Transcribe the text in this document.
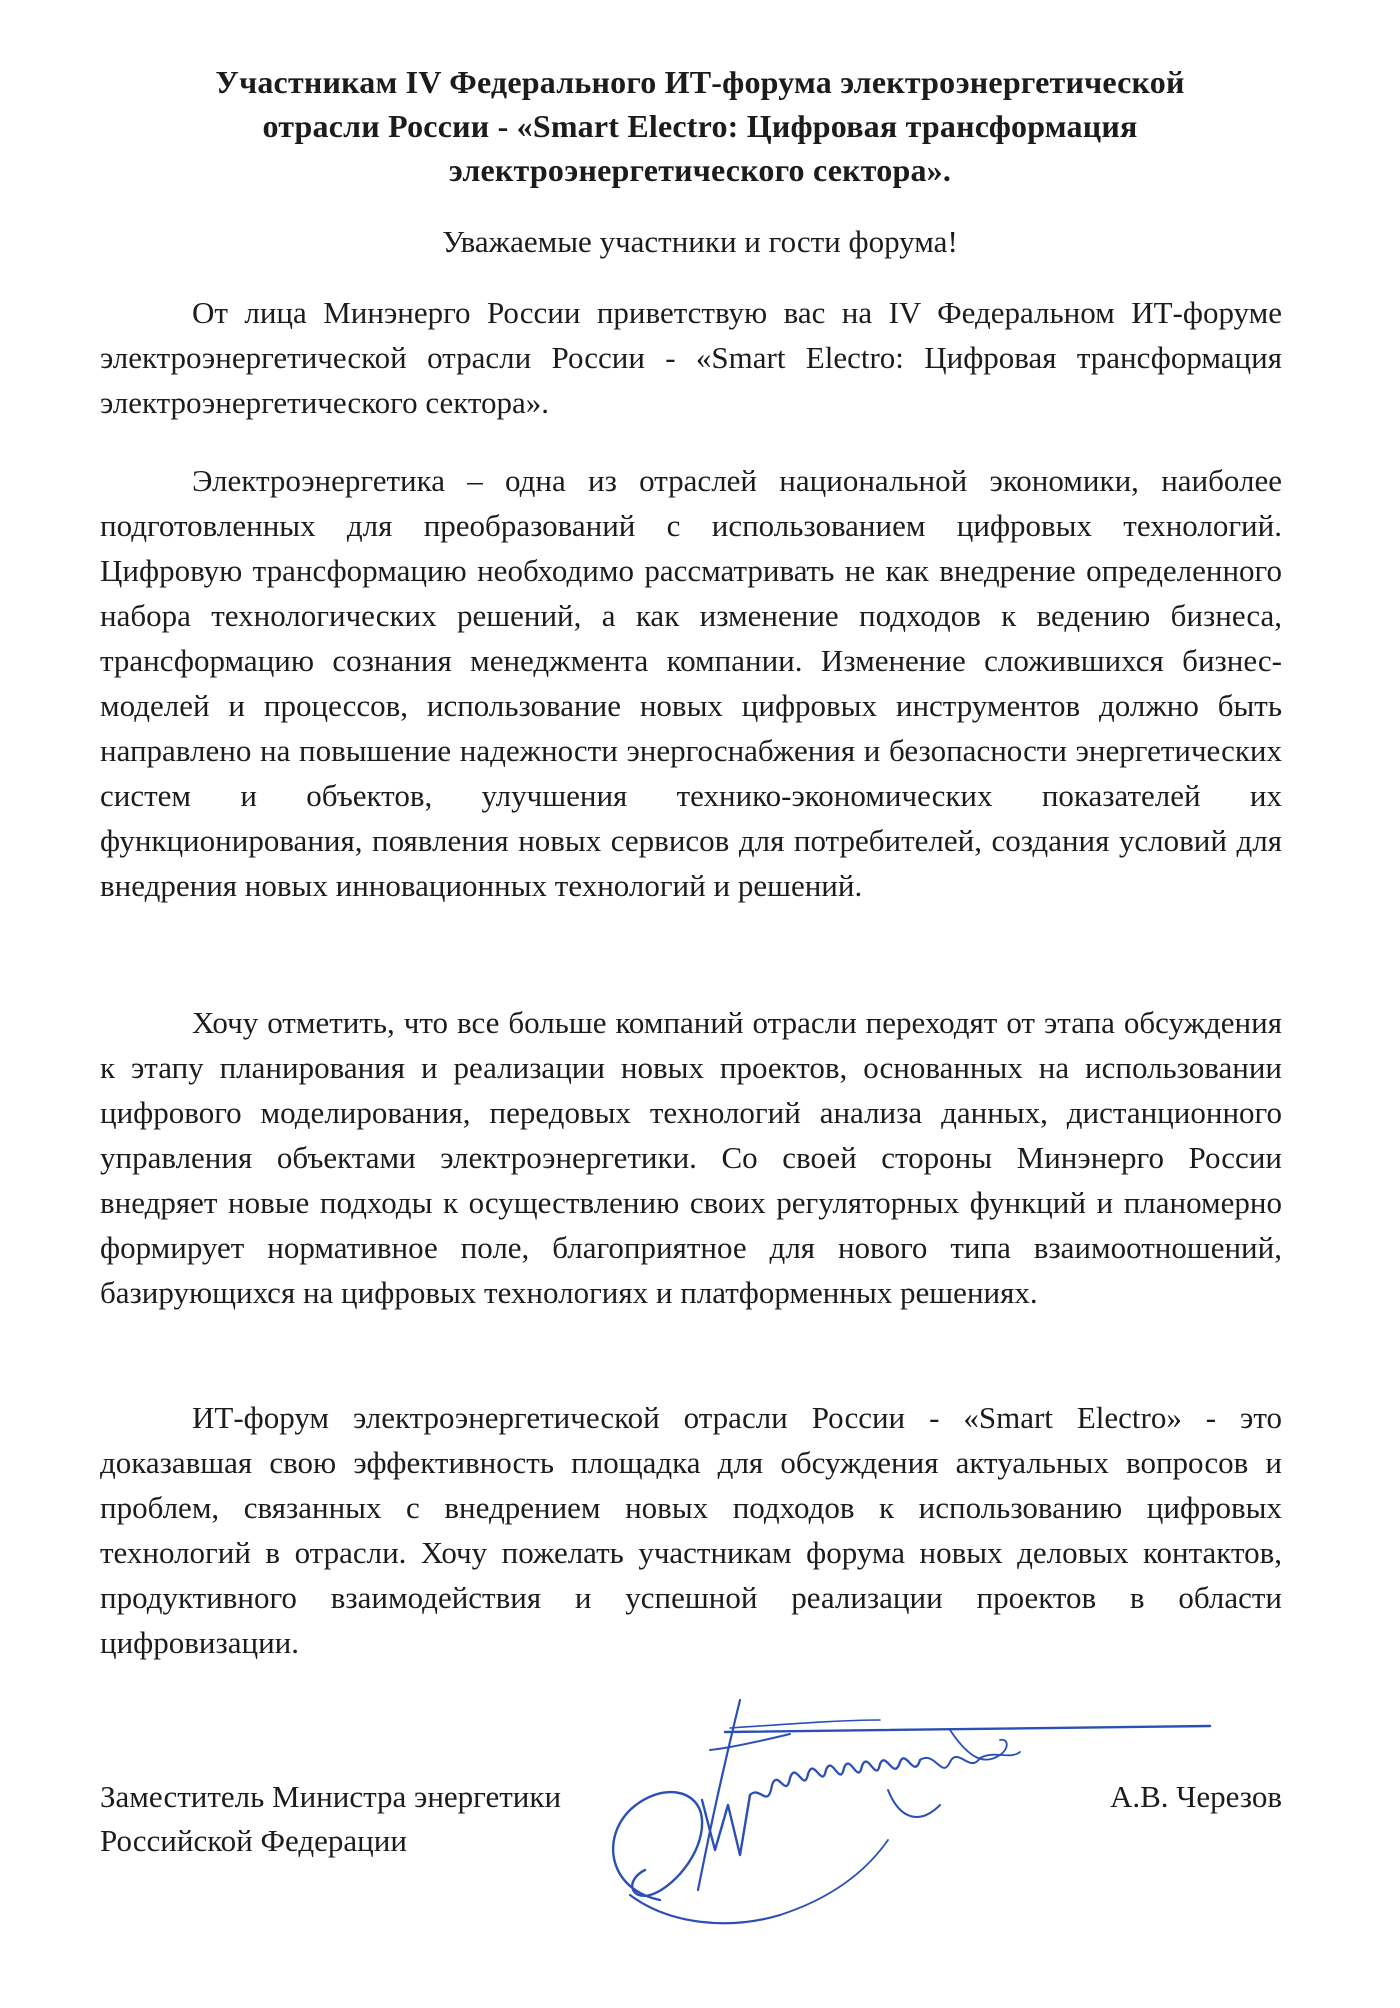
Участникам IV Федерального ИТ-форума электроэнергетической
отрасли России - «Smart Electro: Цифровая трансформация
электроэнергетического сектора».
Уважаемые участники и гости форума!

От лица Минэнерго России приветствую вас на IV Федеральном ИТ-форуме электроэнергетической отрасли России - «Smart Electro: Цифровая трансформация электроэнергетического сектора».

Электроэнергетика – одна из отраслей национальной экономики, наиболее подготовленных для преобразований с использованием цифровых технологий. Цифровую трансформацию необходимо рассматривать не как внедрение определенного набора технологических решений, а как изменение подходов к ведению бизнеса, трансформацию сознания менеджмента компании. Изменение сложившихся бизнес-моделей и процессов, использование новых цифровых инструментов должно быть направлено на повышение надежности энергоснабжения и безопасности энергетических систем и объектов, улучшения технико-экономических показателей их функционирования, появления новых сервисов для потребителей, создания условий для внедрения новых инновационных технологий и решений.

Хочу отметить, что все больше компаний отрасли переходят от этапа обсуждения к этапу планирования и реализации новых проектов, основанных на использовании цифрового моделирования, передовых технологий анализа данных, дистанционного управления объектами электроэнергетики. Со своей стороны Минэнерго России внедряет новые подходы к осуществлению своих регуляторных функций и планомерно формирует нормативное поле, благоприятное для нового типа взаимоотношений, базирующихся на цифровых технологиях и платформенных решениях.

ИТ-форум электроэнергетической отрасли России - «Smart Electro» - это доказавшая свою эффективность площадка для обсуждения актуальных вопросов и проблем, связанных с внедрением новых подходов к использованию цифровых технологий в отрасли. Хочу пожелать участникам форума новых деловых контактов, продуктивного взаимодействия и успешной реализации проектов в области цифровизации.

Заместитель Министра энергетики
Российской Федерации
А.В. Черезов
